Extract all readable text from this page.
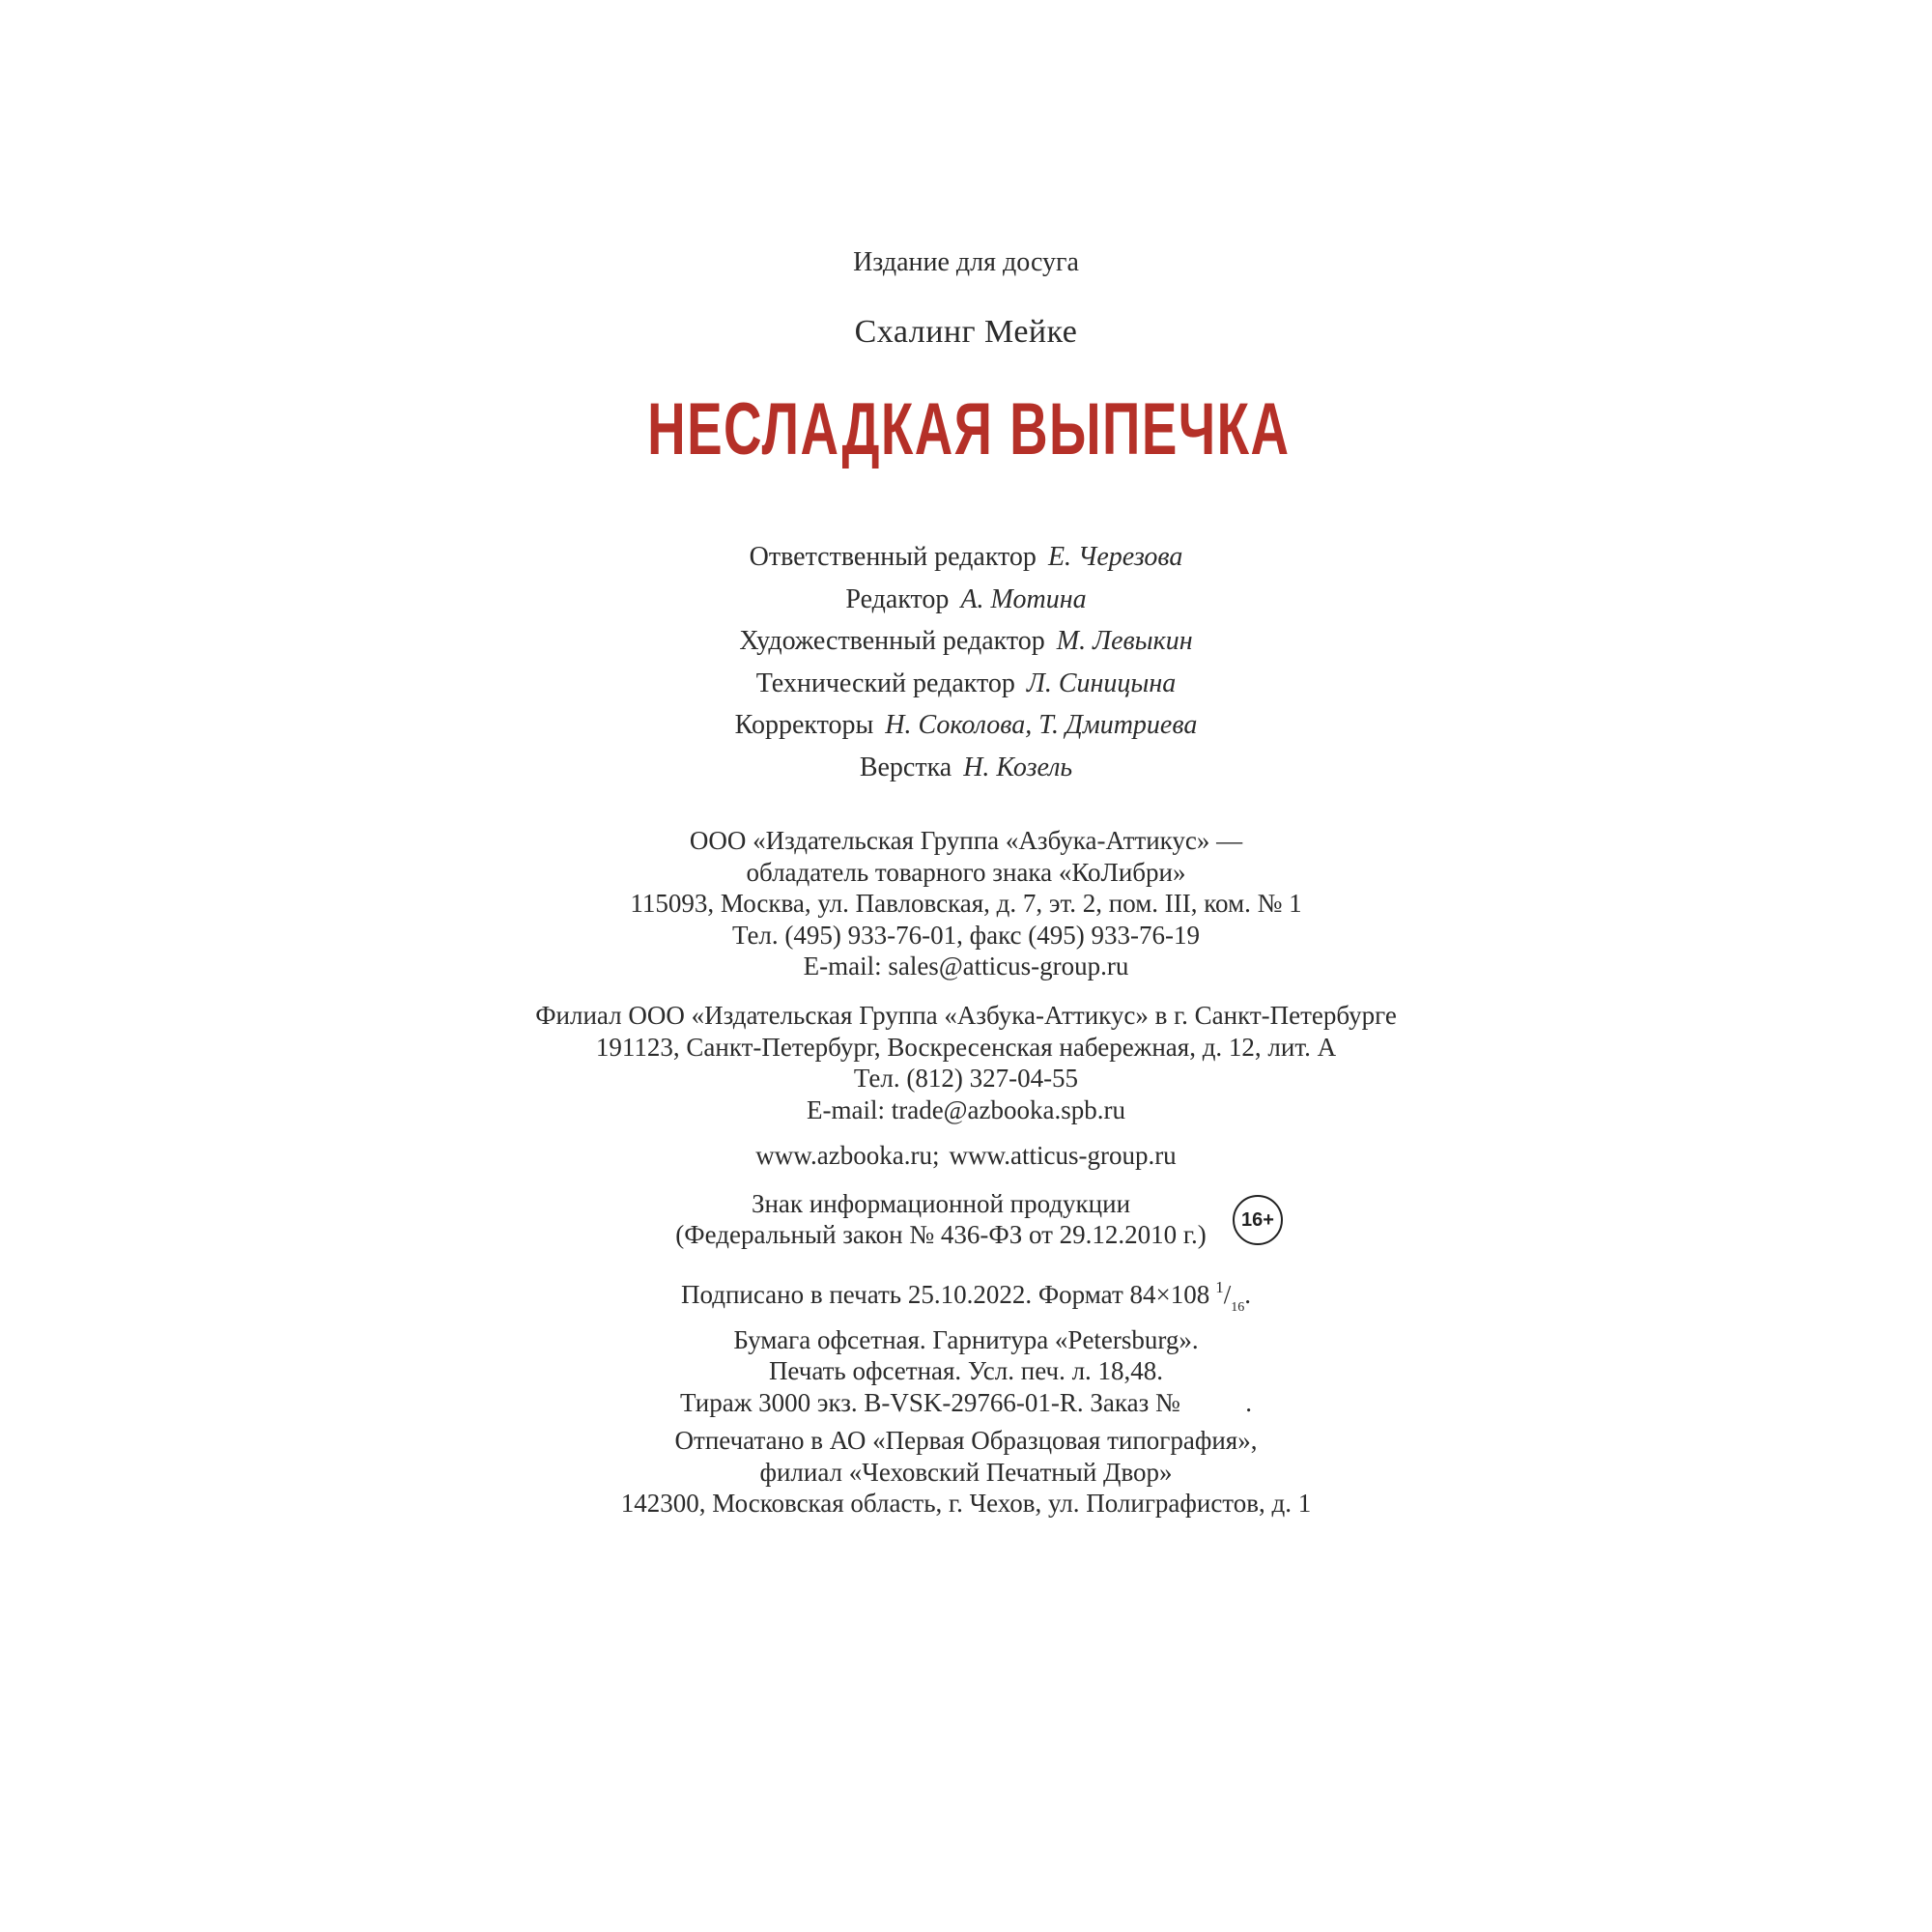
Издание для досуга
Схалинг Мейке
НЕСЛАДКАЯ ВЫПЕЧКА
Ответственный редактор Е. Черезова
Редактор А. Мотина
Художественный редактор М. Левыкин
Технический редактор Л. Синицына
Корректоры Н. Соколова, Т. Дмитриева
Верстка Н. Козель
ООО «Издательская Группа «Азбука-Аттикус» —
обладатель товарного знака «КоЛибри»
115093, Москва, ул. Павловская, д. 7, эт. 2, пом. III, ком. № 1
Тел. (495) 933-76-01, факс (495) 933-76-19
E-mail: sales@atticus-group.ru
Филиал ООО «Издательская Группа «Азбука-Аттикус» в г. Санкт-Петербурге
191123, Санкт-Петербург, Воскресенская набережная, д. 12, лит. А
Тел. (812) 327-04-55
E-mail: trade@azbooka.spb.ru
www.azbooka.ru; www.atticus-group.ru
Знак информационной продукции
(Федеральный закон № 436-ФЗ от 29.12.2010 г.)
16+
Подписано в печать 25.10.2022. Формат 84×108 $^1/_{16}$.
Бумага офсетная. Гарнитура «Petersburg».
Печать офсетная. Усл. печ. л. 18,48.
Тираж 3000 экз. B-VSK-29766-01-R. Заказ №          .
Отпечатано в АО «Первая Образцовая типография»,
филиал «Чеховский Печатный Двор»
142300, Московская область, г. Чехов, ул. Полиграфистов, д. 1
